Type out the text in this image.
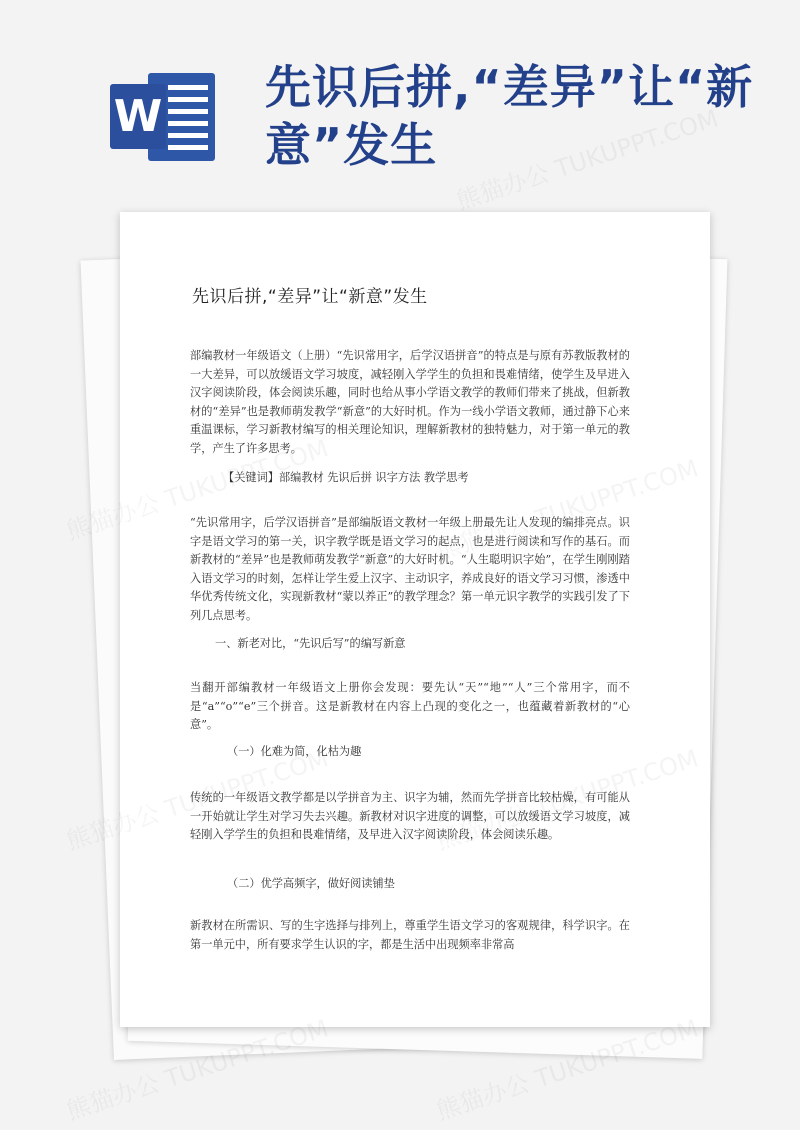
W
先识后拼,“差异”让“新意”发生
先识后拼,“差异”让“新意”发生

部编教材一年级语文（上册）“先识常用字，后学汉语拼音”的特点是与原有苏教版教材的一大差异，可以放缓语文学习坡度，减轻刚入学学生的负担和畏难情绪，使学生及早进入汉字阅读阶段，体会阅读乐趣，同时也给从事小学语文教学的教师们带来了挑战，但新教材的“差异”也是教师萌发教学“新意”的大好时机。作为一线小学语文教师，通过静下心来重温课标，学习新教材编写的相关理论知识，理解新教材的独特魅力，对于第一单元的教学，产生了许多思考。

【关键词】部编教材 先识后拼 识字方法 教学思考

“先识常用字，后学汉语拼音”是部编版语文教材一年级上册最先让人发现的编排亮点。识字是语文学习的第一关，识字教学既是语文学习的起点，也是进行阅读和写作的基石。而新教材的“差异”也是教师萌发教学“新意”的大好时机。“人生聪明识字始”，在学生刚刚踏入语文学习的时刻，怎样让学生爱上汉字、主动识字，养成良好的语文学习习惯，渗透中华优秀传统文化，实现新教材“蒙以养正”的教学理念？第一单元识字教学的实践引发了下列几点思考。

一、新老对比，“先识后写”的编写新意

当翻开部编教材一年级语文上册你会发现：要先认“天”“地”“人”三个常用字，而不是“a”“o”“e”三个拼音。这是新教材在内容上凸现的变化之一，也蕴藏着新教材的“心意”。

（一）化难为简，化枯为趣

传统的一年级语文教学都是以学拼音为主、识字为辅，然而先学拼音比较枯燥，有可能从一开始就让学生对学习失去兴趣。新教材对识字进度的调整，可以放缓语文学习坡度，减轻刚入学学生的负担和畏难情绪，及早进入汉字阅读阶段，体会阅读乐趣。

（二）优学高频字，做好阅读铺垫

新教材在所需识、写的生字选择与排列上，尊重学生语文学习的客观规律，科学识字。在第一单元中，所有要求学生认识的字，都是生活中出现频率非常高
